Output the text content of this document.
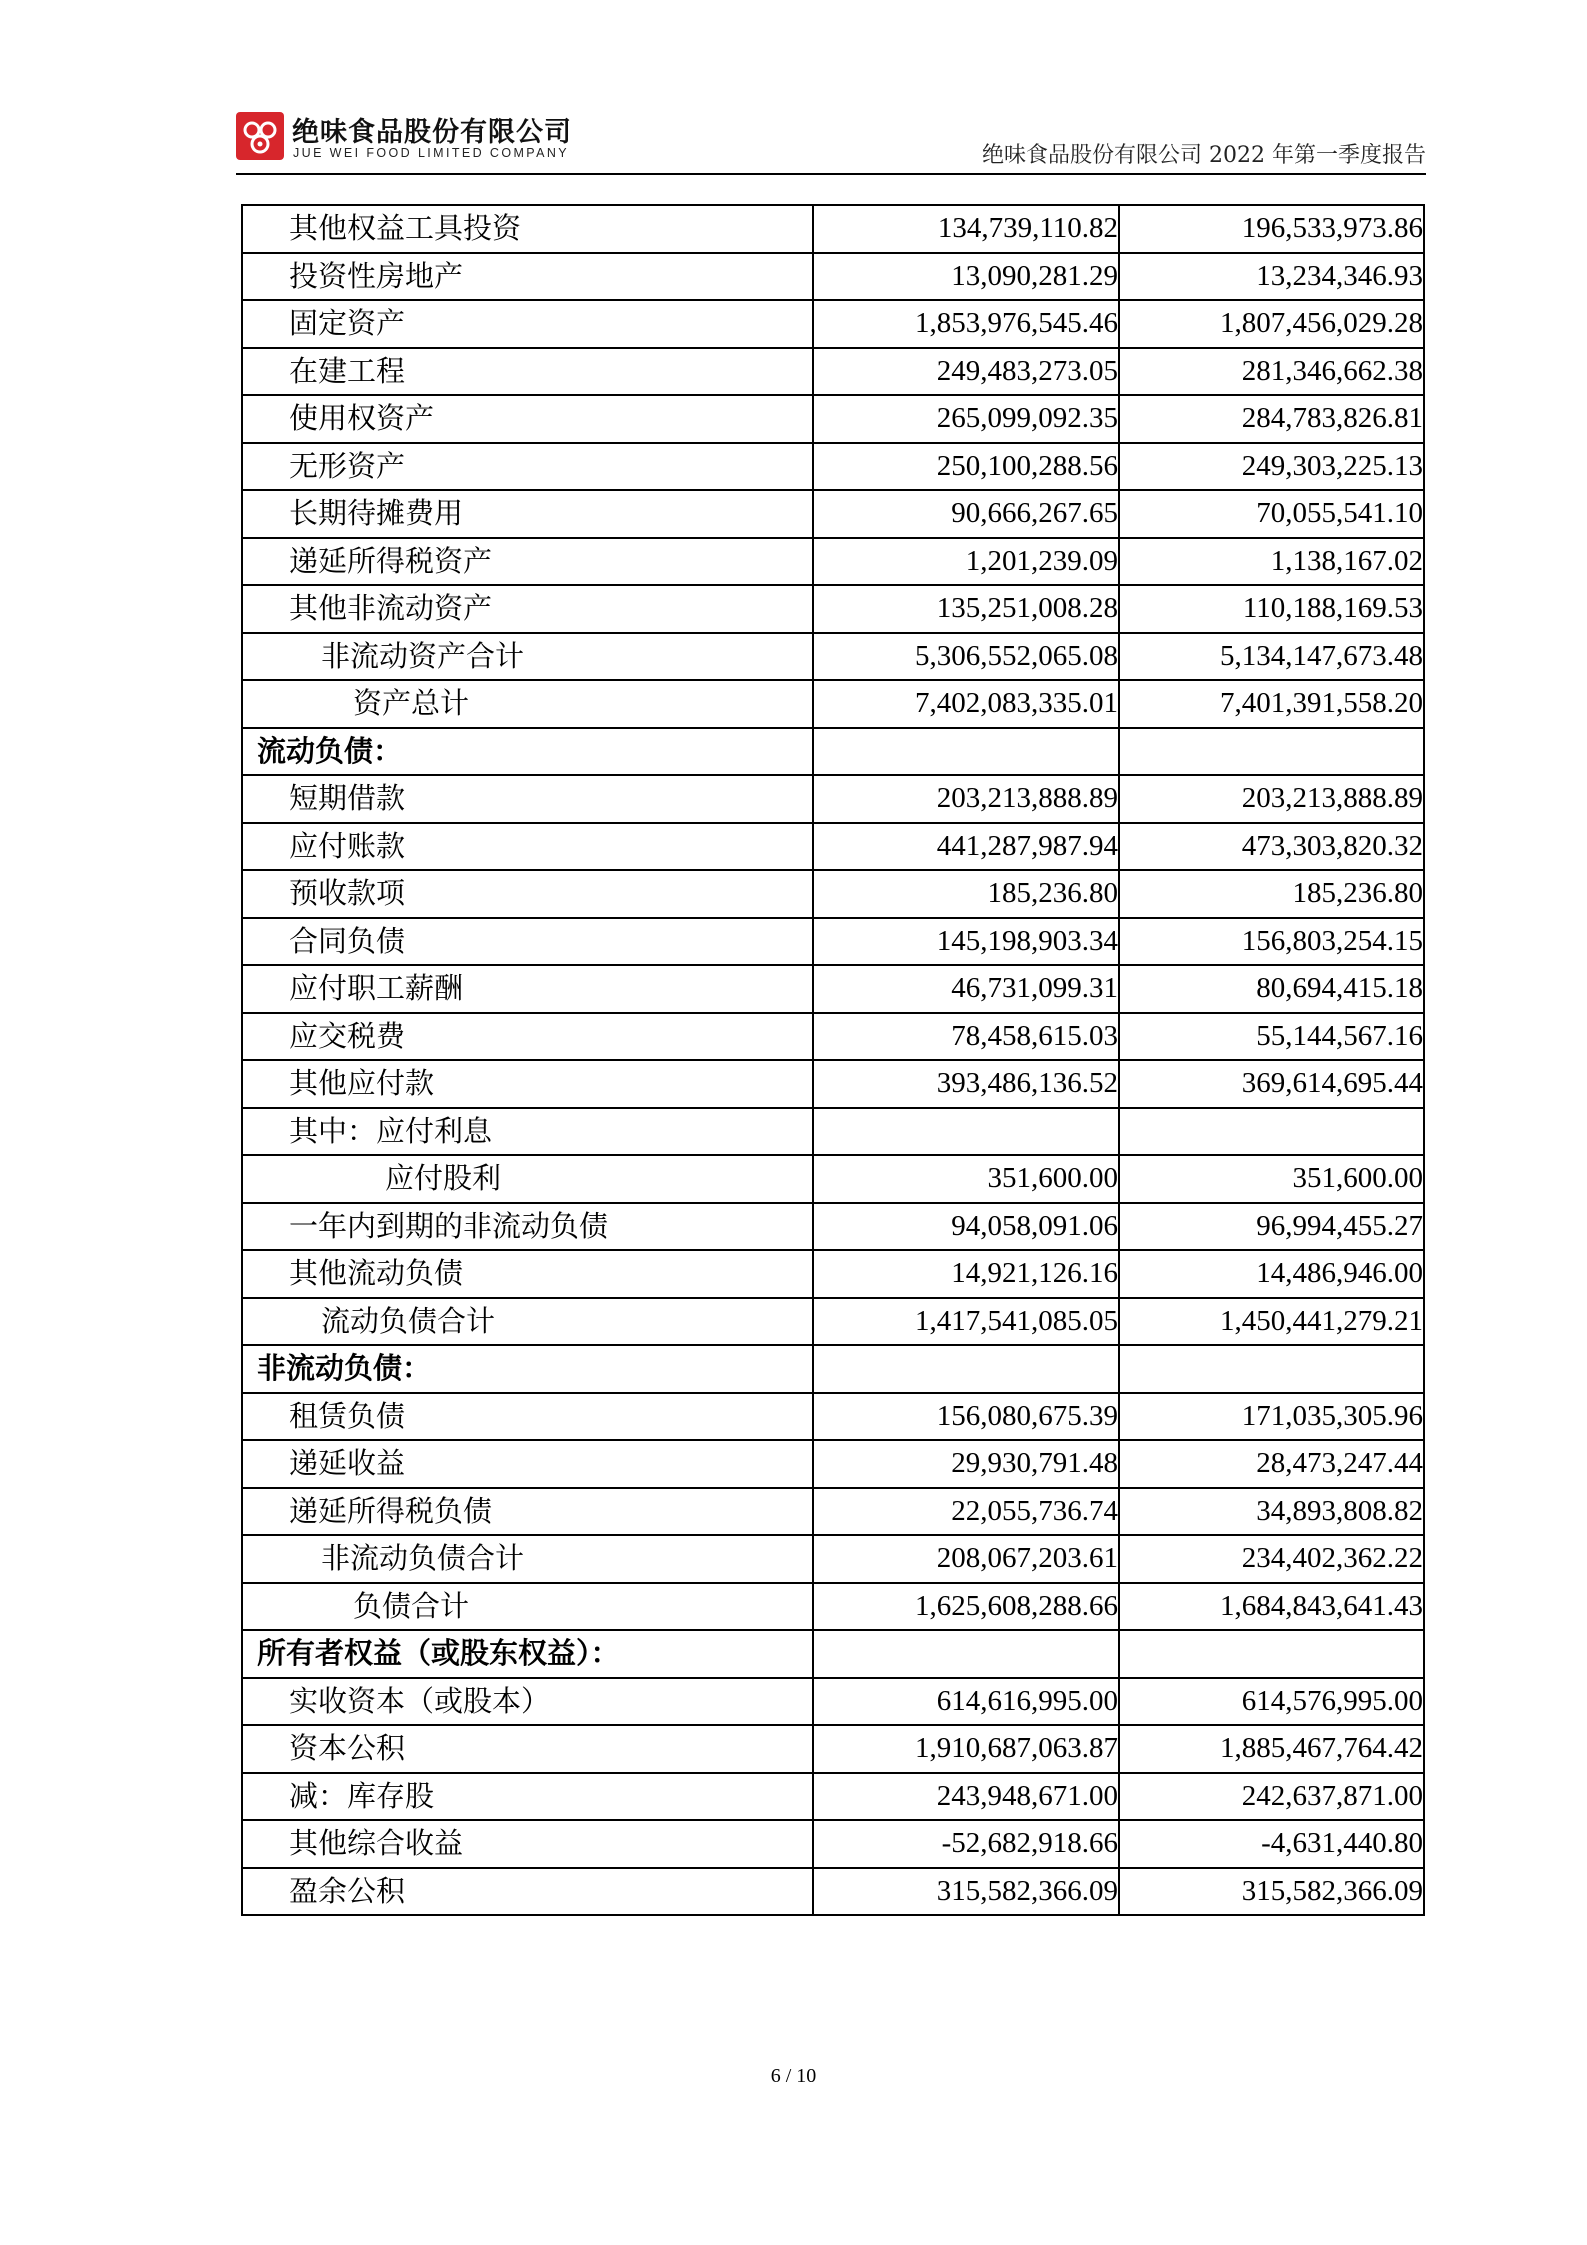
绝味食品股份有限公司
JUE WEI FOOD LIMITED COMPANY	绝味食品股份有限公司 2022 年第一季度报告
其他权益工具投资	134,739,110.82	196,533,973.86
投资性房地产	13,090,281.29	13,234,346.93
固定资产	1,853,976,545.46	1,807,456,029.28
在建工程	249,483,273.05	281,346,662.38
使用权资产	265,099,092.35	284,783,826.81
无形资产	250,100,288.56	249,303,225.13
长期待摊费用	90,666,267.65	70,055,541.10
递延所得税资产	1,201,239.09	1,138,167.02
其他非流动资产	135,251,008.28	110,188,169.53
非流动资产合计	5,306,552,065.08	5,134,147,673.48
资产总计	7,402,083,335.01	7,401,391,558.20
流动负债：		
短期借款	203,213,888.89	203,213,888.89
应付账款	441,287,987.94	473,303,820.32
预收款项	185,236.80	185,236.80
合同负债	145,198,903.34	156,803,254.15
应付职工薪酬	46,731,099.31	80,694,415.18
应交税费	78,458,615.03	55,144,567.16
其他应付款	393,486,136.52	369,614,695.44
其中：应付利息		
应付股利	351,600.00	351,600.00
一年内到期的非流动负债	94,058,091.06	96,994,455.27
其他流动负债	14,921,126.16	14,486,946.00
流动负债合计	1,417,541,085.05	1,450,441,279.21
非流动负债：		
租赁负债	156,080,675.39	171,035,305.96
递延收益	29,930,791.48	28,473,247.44
递延所得税负债	22,055,736.74	34,893,808.82
非流动负债合计	208,067,203.61	234,402,362.22
负债合计	1,625,608,288.66	1,684,843,641.43
所有者权益（或股东权益）：		
实收资本（或股本）	614,616,995.00	614,576,995.00
资本公积	1,910,687,063.87	1,885,467,764.42
减：库存股	243,948,671.00	242,637,871.00
其他综合收益	-52,682,918.66	-4,631,440.80
盈余公积	315,582,366.09	315,582,366.09
6 / 10
